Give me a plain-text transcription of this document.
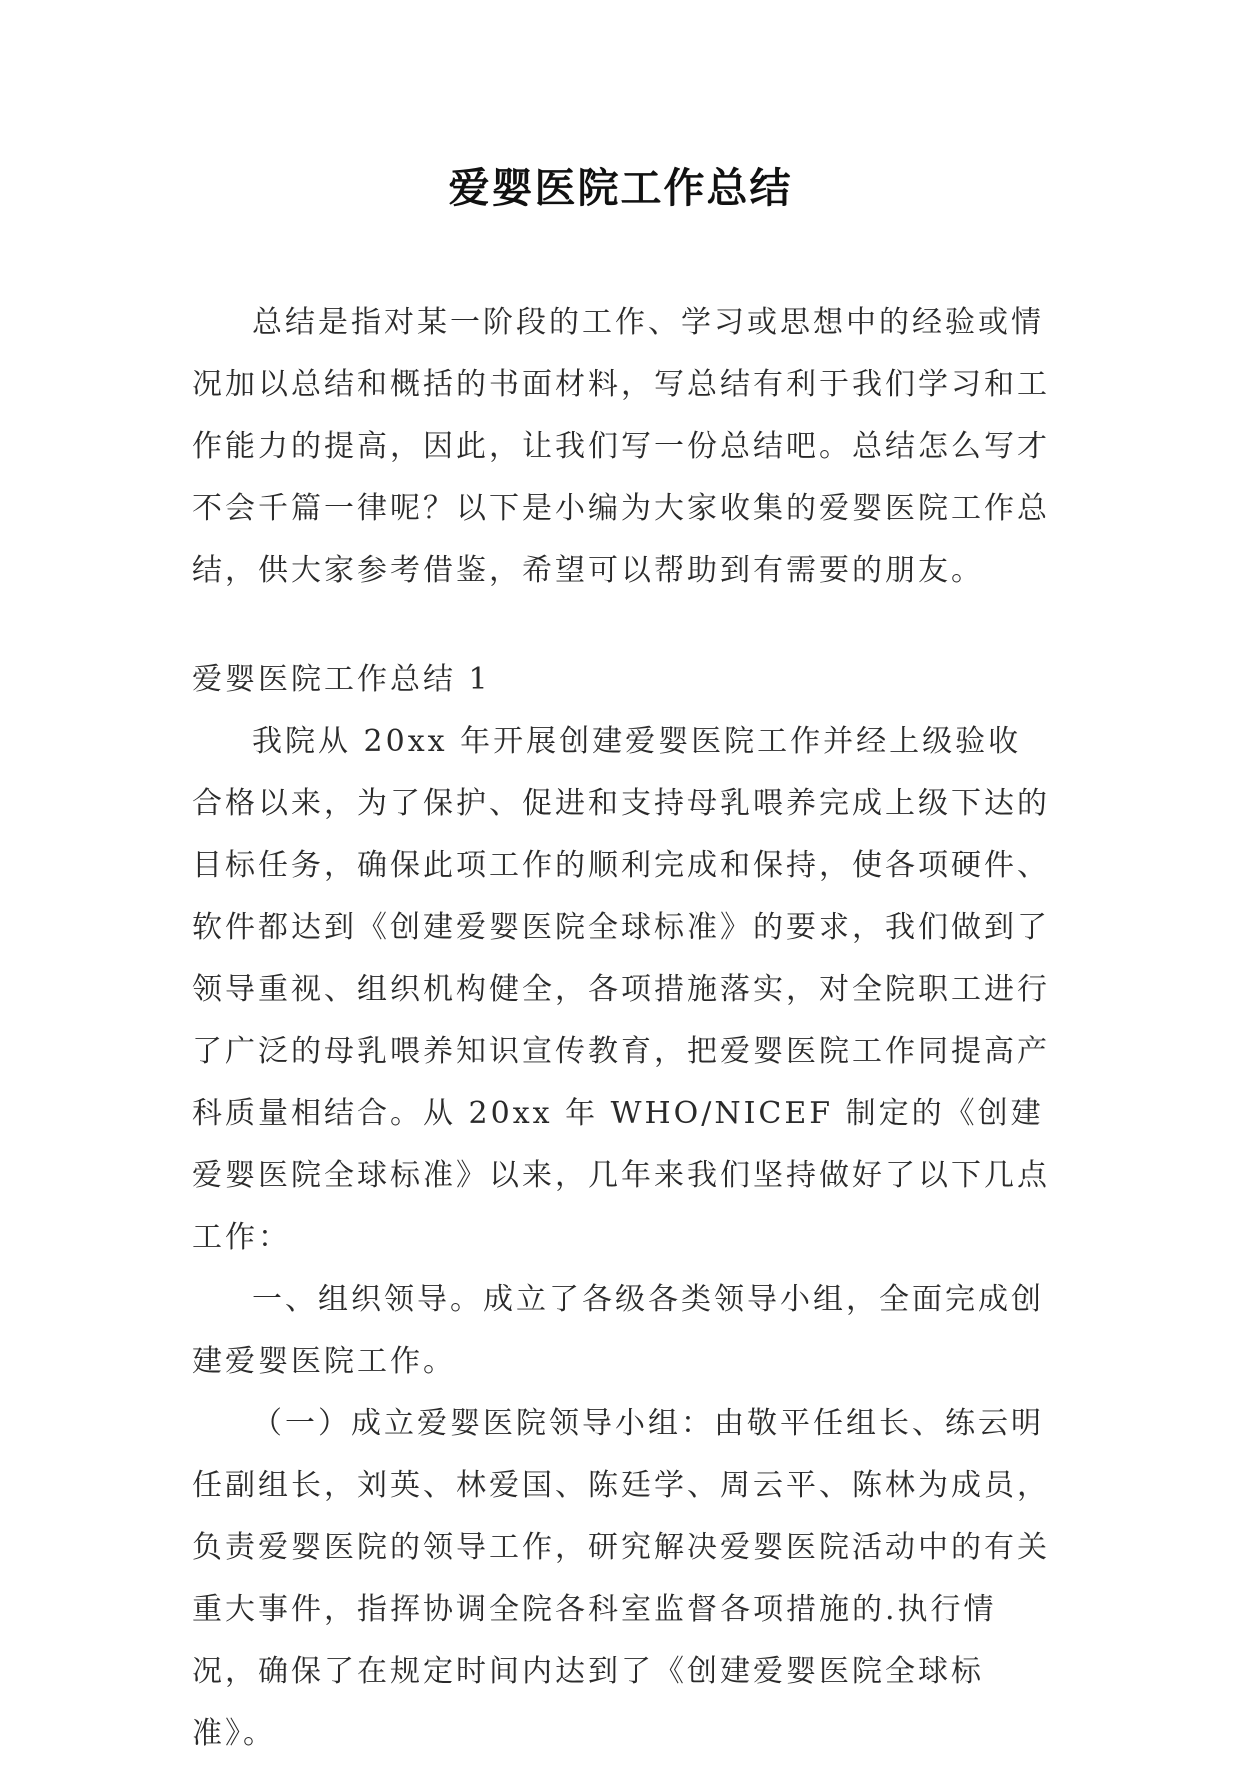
爱婴医院工作总结

总结是指对某一阶段的工作、学习或思想中的经验或情况加以总结和概括的书面材料，写总结有利于我们学习和工作能力的提高，因此，让我们写一份总结吧。总结怎么写才不会千篇一律呢？以下是小编为大家收集的爱婴医院工作总结，供大家参考借鉴，希望可以帮助到有需要的朋友。

爱婴医院工作总结 1

我院从 20xx 年开展创建爱婴医院工作并经上级验收合格以来，为了保护、促进和支持母乳喂养完成上级下达的目标任务，确保此项工作的顺利完成和保持，使各项硬件、软件都达到《创建爱婴医院全球标准》的要求，我们做到了领导重视、组织机构健全，各项措施落实，对全院职工进行了广泛的母乳喂养知识宣传教育，把爱婴医院工作同提高产科质量相结合。从 20xx 年 WHO/NICEF 制定的《创建爱婴医院全球标准》以来，几年来我们坚持做好了以下几点工作：

一、组织领导。成立了各级各类领导小组，全面完成创建爱婴医院工作。

（一）成立爱婴医院领导小组：由敬平任组长、练云明任副组长，刘英、林爱国、陈廷学、周云平、陈林为成员，负责爱婴医院的领导工作，研究解决爱婴医院活动中的有关重大事件，指挥协调全院各科室监督各项措施的.执行情况，确保了在规定时间内达到了《创建爱婴医院全球标准》。
